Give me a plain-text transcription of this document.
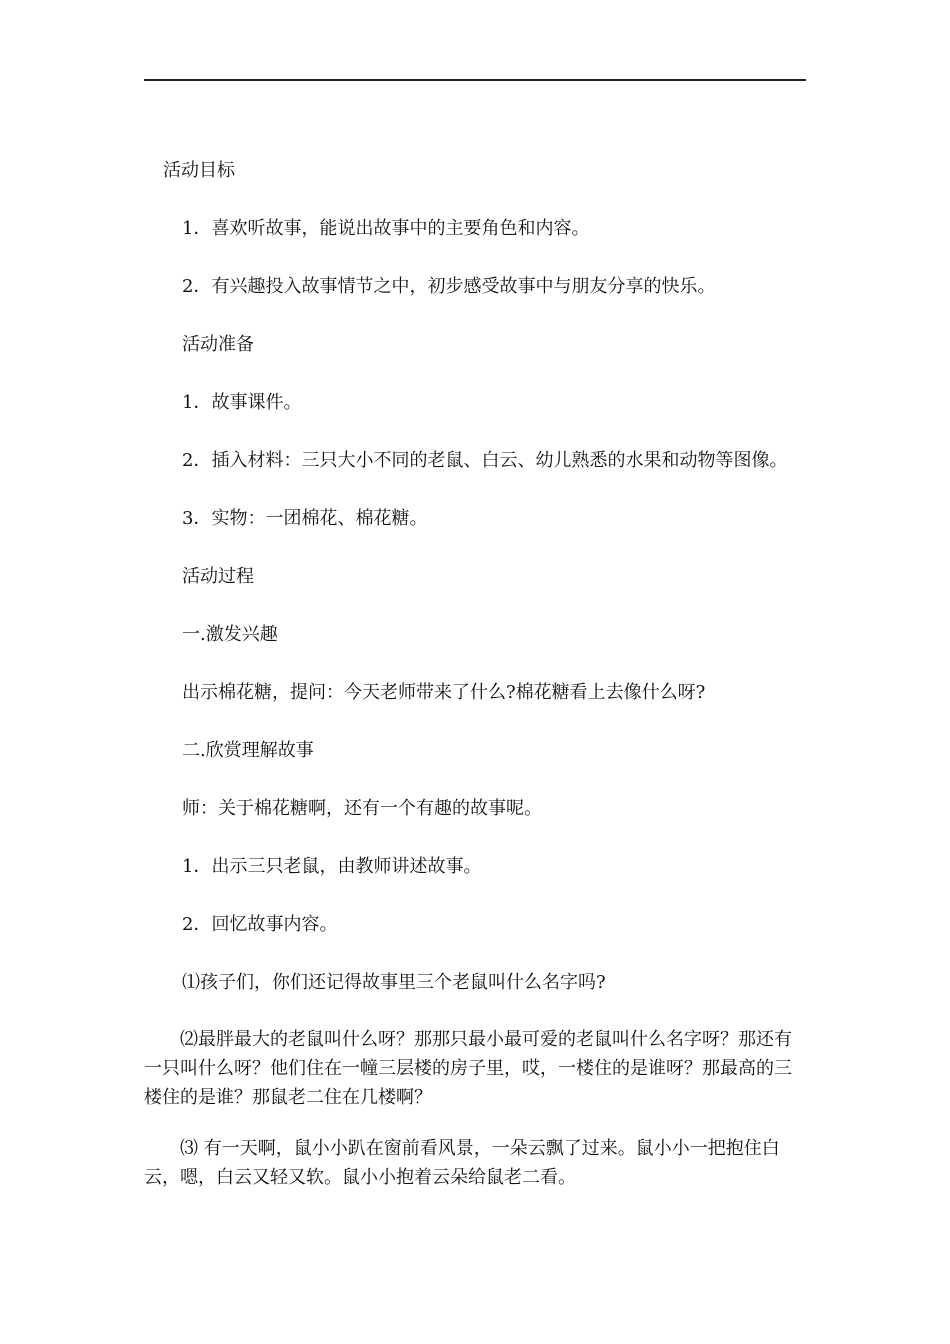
活动目标
1．喜欢听故事，能说出故事中的主要角色和内容。
2．有兴趣投入故事情节之中，初步感受故事中与朋友分享的快乐。
活动准备
1．故事课件。
2．插入材料：三只大小不同的老鼠、白云、幼儿熟悉的水果和动物等图像。
3．实物：一团棉花、棉花糖。
活动过程
一.激发兴趣
出示棉花糖，提问：今天老师带来了什么?棉花糖看上去像什么呀?
二.欣赏理解故事
师：关于棉花糖啊，还有一个有趣的故事呢。
1．出示三只老鼠，由教师讲述故事。
2．回忆故事内容。
⑴孩子们，你们还记得故事里三个老鼠叫什么名字吗?
⑵最胖最大的老鼠叫什么呀？那那只最小最可爱的老鼠叫什么名字呀？那还有一只叫什么呀？他们住在一幢三层楼的房子里，哎，一楼住的是谁呀？那最高的三楼住的是谁？那鼠老二住在几楼啊？
⑶ 有一天啊，鼠小小趴在窗前看风景，一朵云飘了过来。鼠小小一把抱住白云，嗯，白云又轻又软。鼠小小抱着云朵给鼠老二看。
